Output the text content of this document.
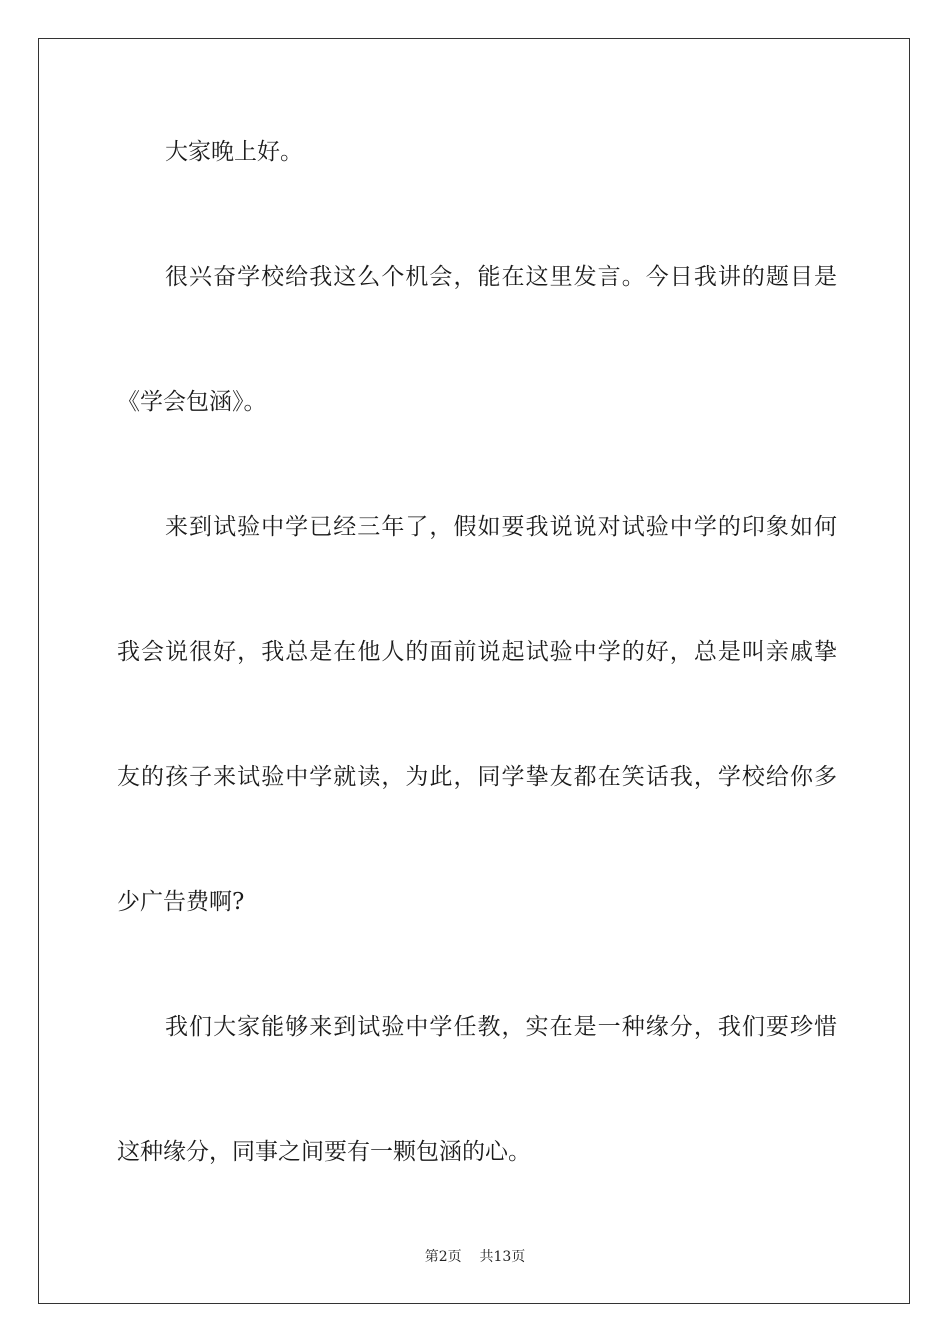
大家晚上好。

很兴奋学校给我这么个机会，能在这里发言。今日我讲的题目是

《学会包涵》。

来到试验中学已经三年了，假如要我说说对试验中学的印象如何

我会说很好，我总是在他人的面前说起试验中学的好，总是叫亲戚挚

友的孩子来试验中学就读，为此，同学挚友都在笑话我，学校给你多

少广告费啊?

我们大家能够来到试验中学任教，实在是一种缘分，我们要珍惜

这种缘分，同事之间要有一颗包涵的心。

第2页 共13页
